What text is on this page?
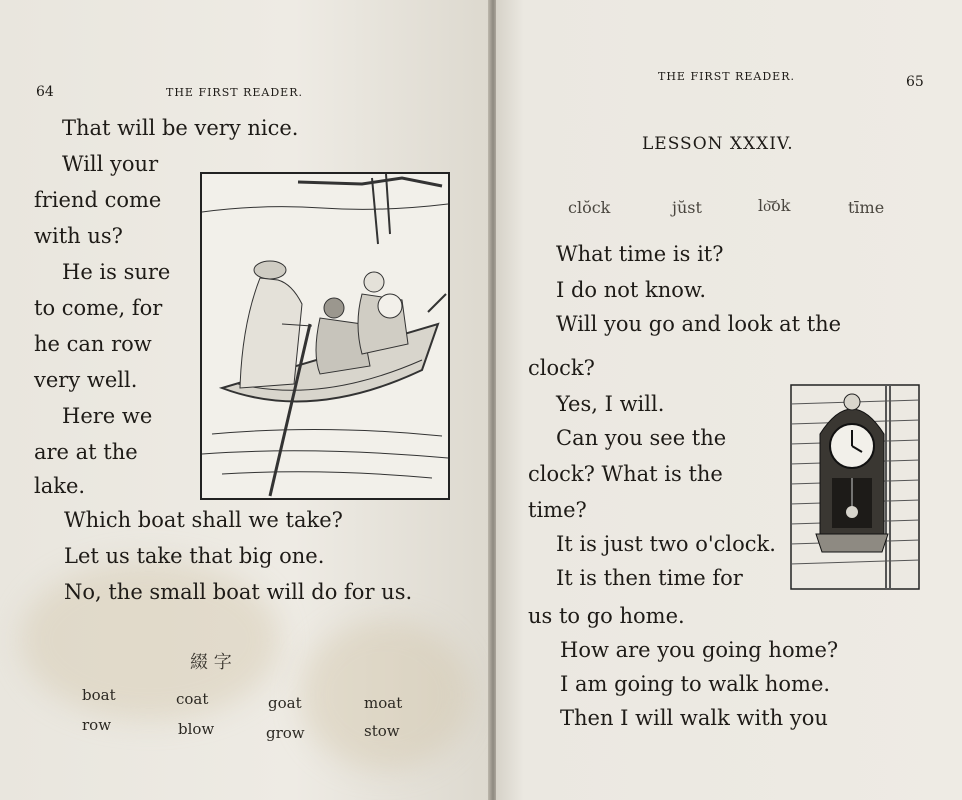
64	THE FIRST READER.
That will be very nice.
Will your
friend come
with us?
He is sure
to come, for
he can row
very well.
Here we
are at the
lake.
Which boat shall we take?
Let us take that big one.
No, the small boat will do for us.
綴 字
boat	coat	goat	moat
row	blow	grow	stow
THE FIRST READER.	65
LESSON XXXIV.
clŏck	jŭst	lo͝ok	tīme
What time is it?
I do not know.
Will you go and look at the
clock?
Yes, I will.
Can you see the
clock? What is the
time?
It is just two o'clock.
It is then time for
us to go home.
How are you going home?
I am going to walk home.
Then I will walk with you
